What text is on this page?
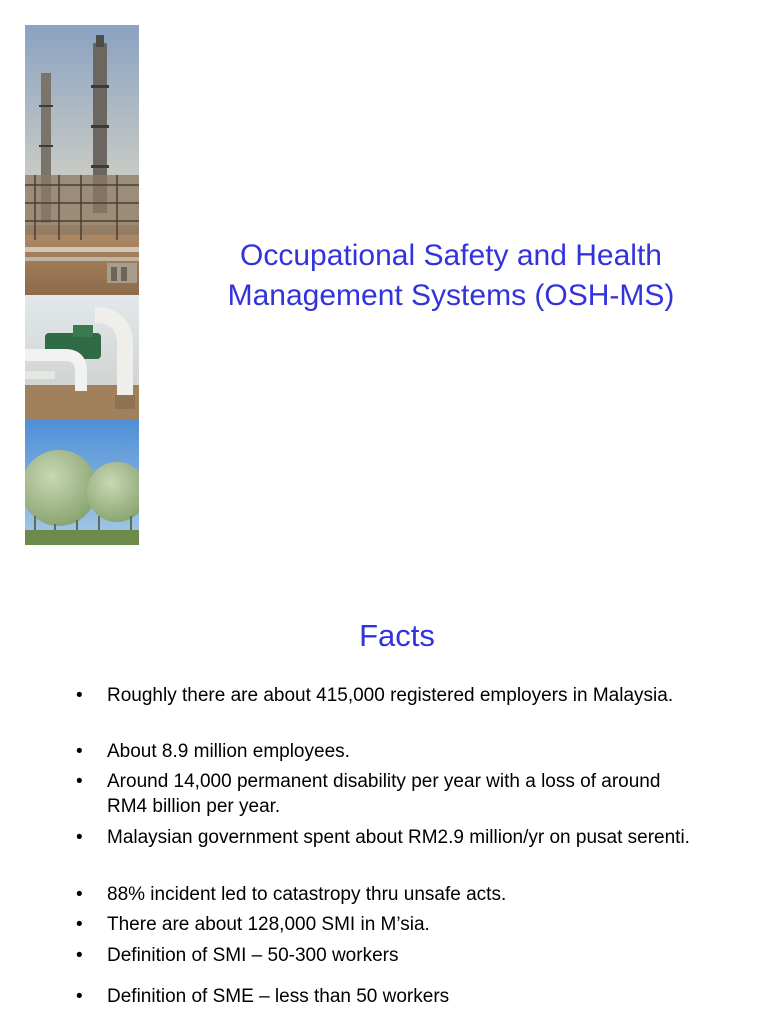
Occupational Safety and Health Management Systems (OSH-MS)
Facts
•	Roughly there are about 415,000 registered employers in Malaysia.
•	About 8.9 million employees.
•	Around 14,000 permanent disability per year with a loss of around RM4 billion per year.
•	Malaysian government spent about RM2.9 million/yr on pusat serenti.
•	88% incident led to catastropy thru unsafe acts.
•	There are about 128,000 SMI in M’sia.
•	Definition of SMI – 50-300 workers
•	Definition of SME – less than 50 workers
